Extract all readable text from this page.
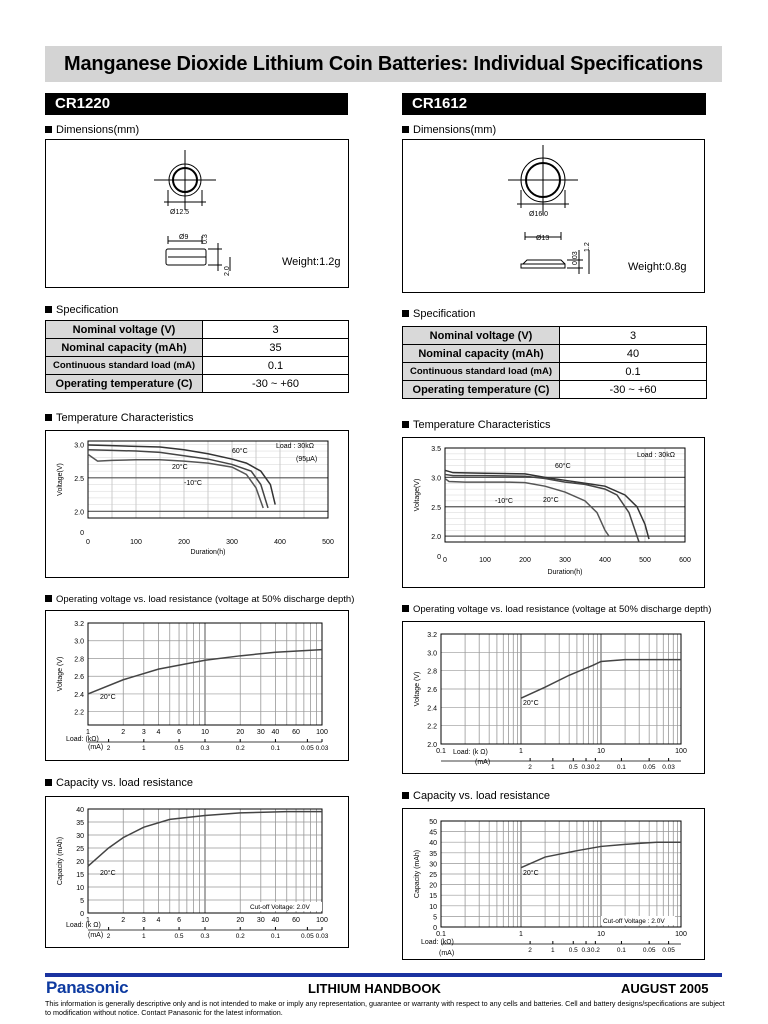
Manganese Dioxide Lithium Coin Batteries: Individual Specifications
CR1220
Dimensions(mm)
Ø12.5
Ø9 0.3
2.0
Weight:1.2g
Specification
Nominal voltage (V)	3
Nominal capacity (mAh)	35
Continuous standard load (mA)	0.1
Operating temperature (C)	-30 ~ +60
Temperature Characteristics
0
2.0
2.5
3.0
0	100	200	300	400	500
Duration(h)
Voltage(V)
60°C
20°C
-10°C
Load : 30kΩ
(95μA)
Operating voltage vs. load resistance (voltage at 50% discharge depth)
2.2
2.4
2.6
2.8
3.0
3.2
1	2 3 4 6	10	20 30 40 60 100
2	1	0.5	0.3	0.2	0.1	0.05 0.03
Load: (kΩ)
(mA)
Voltage (V)
20°C
Capacity vs. load resistance
0
5
10
15
20
25
30
35
40
1	2 3 4 6	10	20 30 40 60 100
2	1	0.5	0.3	0.2	0.1	0.05 0.03
Load: (k Ω)
(mA)
Capacity (mAh)	20°C
Cut-off Voltage: 2.0V
CR1612
Dimensions(mm)
Ø16.0
Ø13
0.03
1.2
Weight:0.8g
Specification
Nominal voltage (V)	3
Nominal capacity (mAh)	40
Continuous standard load (mA)	0.1
Operating temperature (C)	-30 ~ +60
Temperature Characteristics
0
2.0
2.5
3.0
3.5
0	100	200	300	400	500	600
Duration(h)
Voltage(V)
60°C
20°C
-10°C
Load : 30kΩ
Operating voltage vs. load resistance (voltage at 50% discharge depth)
2.0
2.2
2.4
2.6
2.8
3.0
3.2
0.1	1	10	100
2	1 0.5 0.3 0.2	0.1	0.05 0.03
Load: (k Ω)
(mA)
Voltage (V)	20°C
Capacity vs. load resistance
0
5
10
15
20
25
30
35
40
45
50
0.1	1	10	100
2	1 0.5 0.3 0.2	0.1	0.05 0.05
Load: (kΩ)
(mA)
Capacity (mAh)	20°C
Cut-off Voltage : 2.0V
Panasonic	LITHIUM HANDBOOK	AUGUST 2005
This information is generally descriptive only and is not intended to make or imply any representation, guarantee or warranty with respect to any cells and batteries. Cell and battery designs/specifications are subject to modification without notice. Contact Panasonic for the latest information.
